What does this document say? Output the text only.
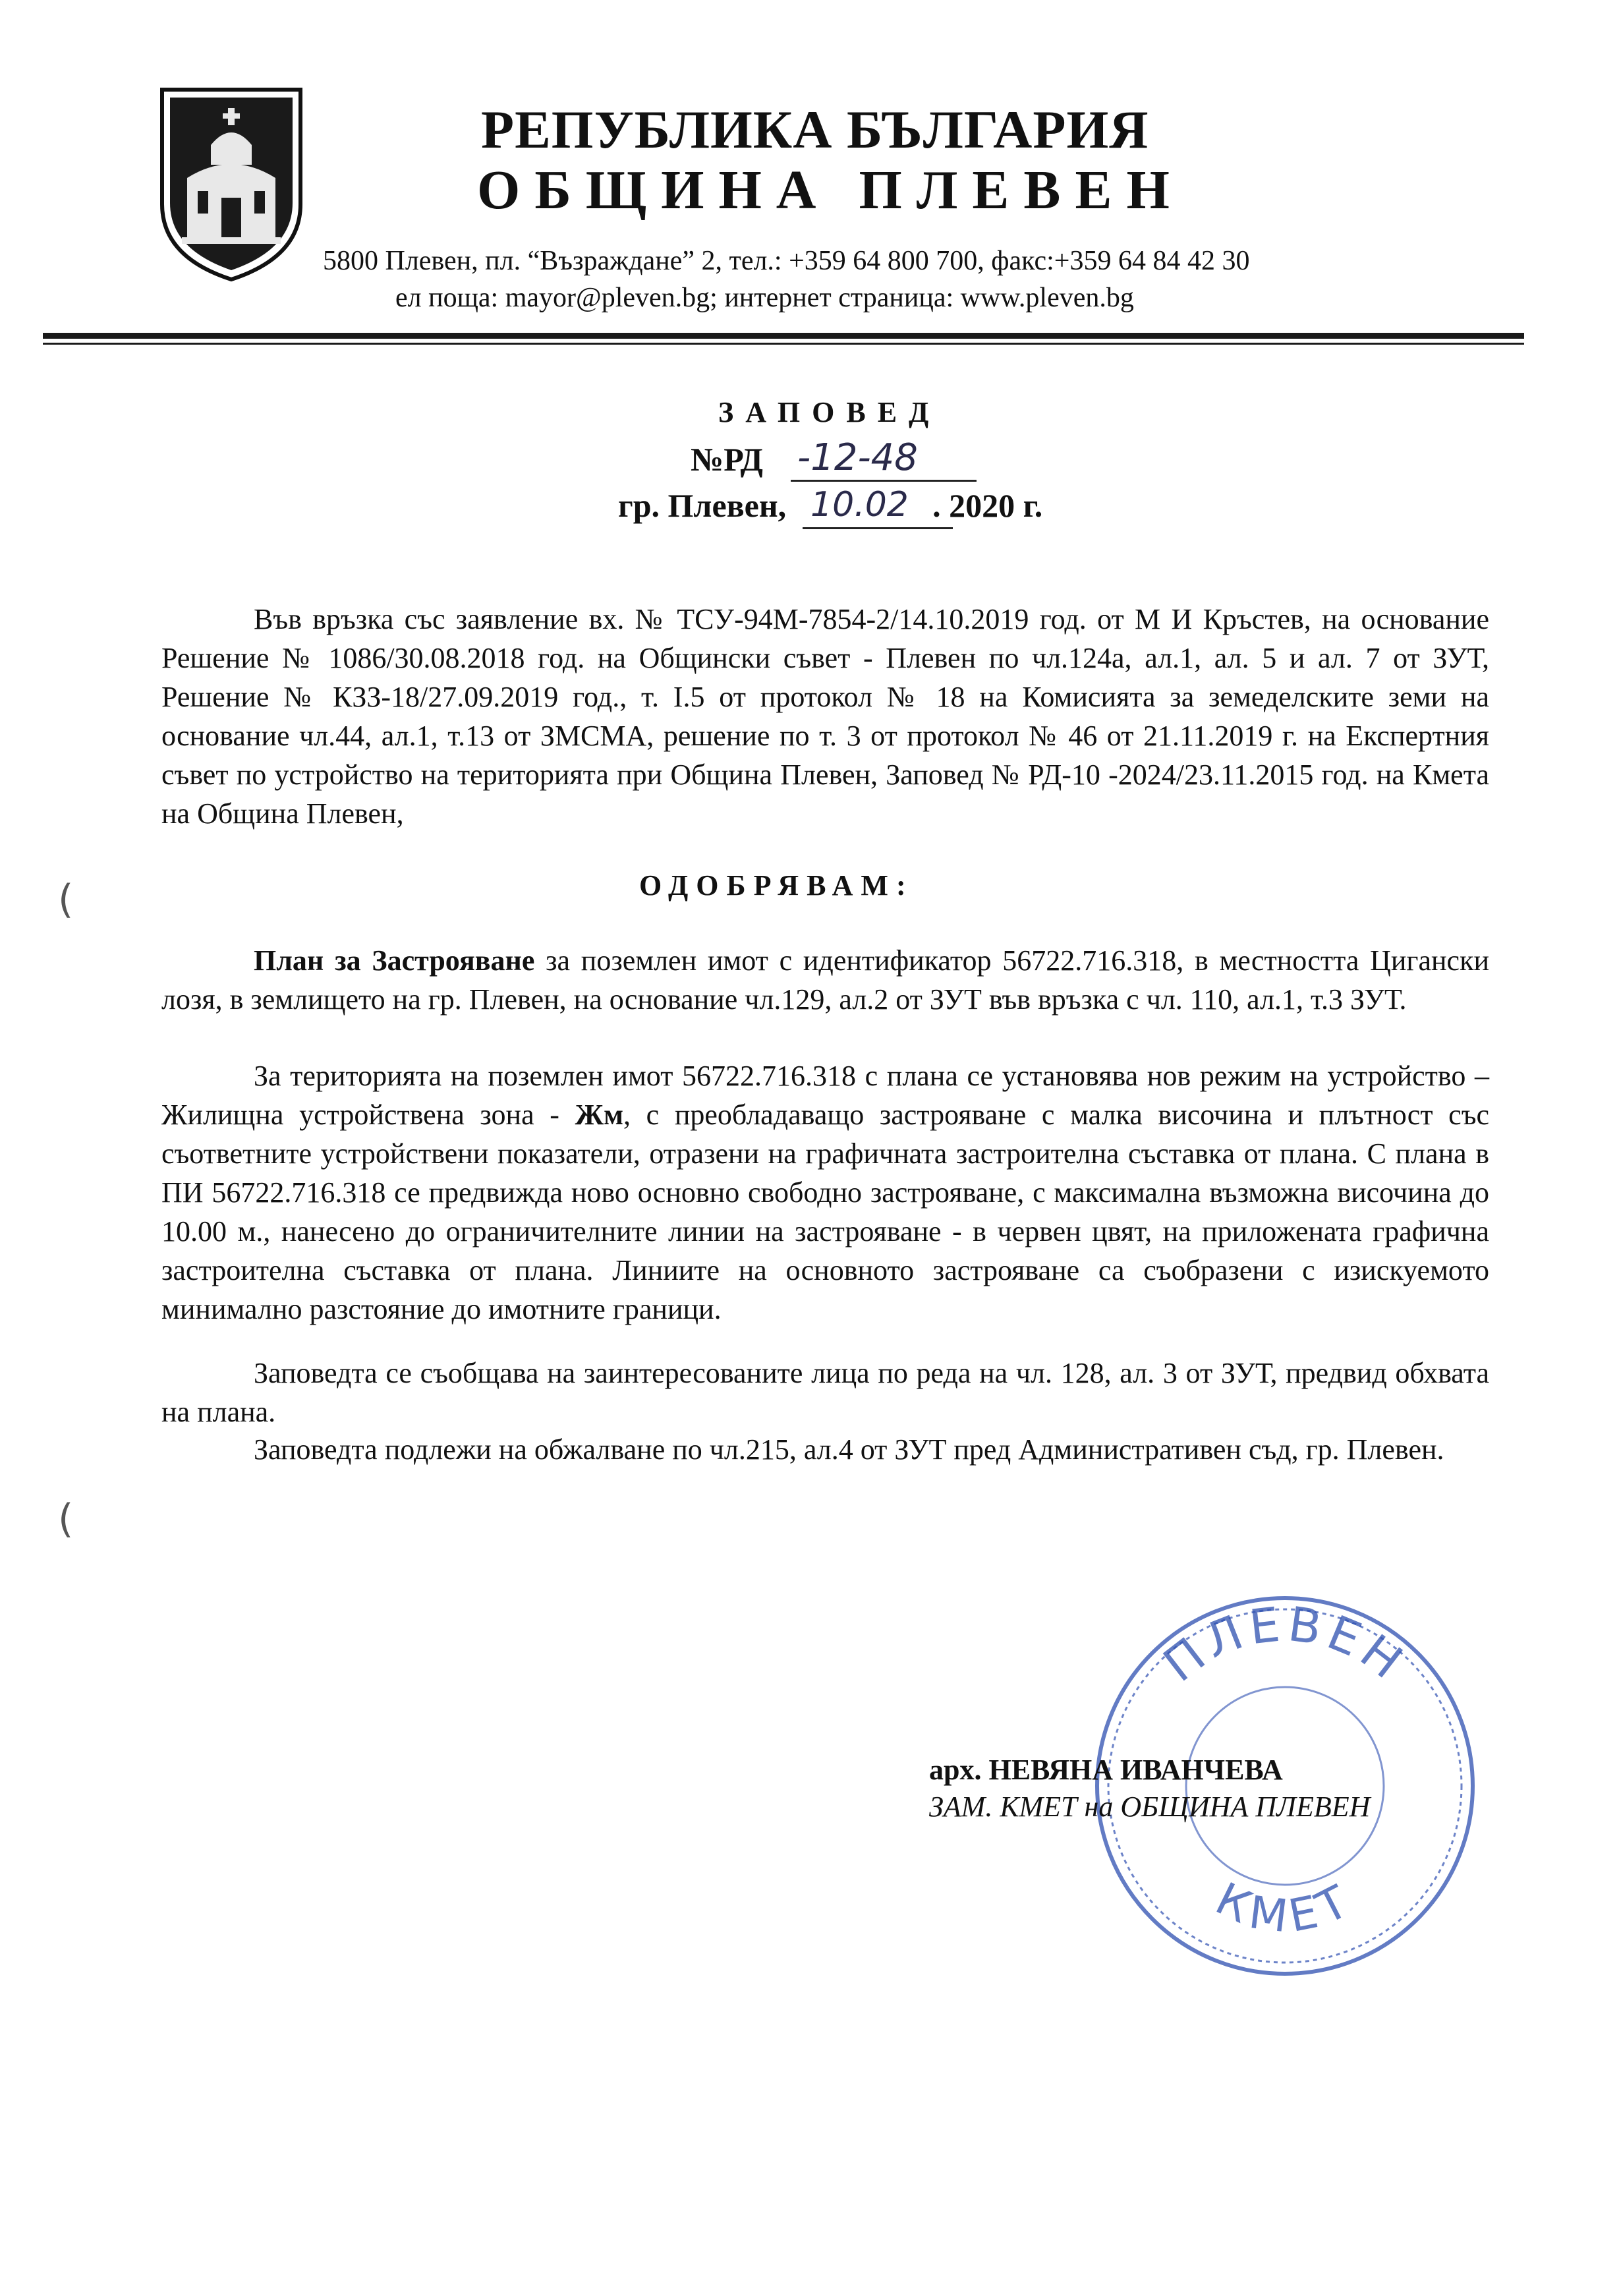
РЕПУБЛИКА БЪЛГАРИЯ
ОБЩИНА ПЛЕВЕН
5800 Плевен, пл. “Възраждане” 2, тел.: +359 64 800 700, факс:+359 64 84 42 30
ел поща: mayor@pleven.bg; интернет страница: www.pleven.bg
ЗАПОВЕД
№РД -12-48
гр. Плевен,	. 2020 г.
10.02
Във връзка със заявление вх. № ТСУ-94М-7854-2/14.10.2019 год. от М И Кръстев, на основание Решение № 1086/30.08.2018 год. на Общински съвет - Плевен по чл.124а, ал.1, ал. 5 и ал. 7 от ЗУТ, Решение № КЗЗ-18/27.09.2019 год., т. I.5 от протокол № 18 на Комисията за земеделските земи на основание чл.44, ал.1, т.13 от ЗМСМА, решение по т. 3 от протокол № 46 от 21.11.2019 г. на Експертния съвет по устройство на територията при Община Плевен, Заповед № РД-10 -2024/23.11.2015 год. на Кмета на Община Плевен,
(	ОДОБРЯВАМ:
План за Застрояване за поземлен имот с идентификатор 56722.716.318, в местността Цигански лозя, в землището на гр. Плевен, на основание чл.129, ал.2 от ЗУТ във връзка с чл. 110, ал.1, т.3 ЗУТ.
За територията на поземлен имот 56722.716.318 с плана се установява нов режим на устройство – Жилищна устройствена зона - Жм, с преобладаващо застрояване с малка височина и плътност със съответните устройствени показатели, отразени на графичната застроителна съставка от плана. С плана в ПИ 56722.716.318 се предвижда ново основно свободно застрояване, с максимална възможна височина до 10.00 м., нанесено до ограничителните линии на застрояване - в червен цвят, на приложената графична застроителна съставка от плана. Линиите на основното застрояване са съобразени с изискуемото минимално разстояние до имотните граници.
Заповедта се съобщава на заинтересованите лица по реда на чл. 128, ал. 3 от ЗУТ, предвид обхвата на плана.
Заповедта подлежи на обжалване по чл.215, ал.4 от ЗУТ пред Административен съд, гр. Плевен.
(
ПЛЕВЕН
КМЕТ
арх. НЕВЯНА ИВАНЧЕВА
ЗАМ. КМЕТ на ОБЩИНА ПЛЕВЕН
